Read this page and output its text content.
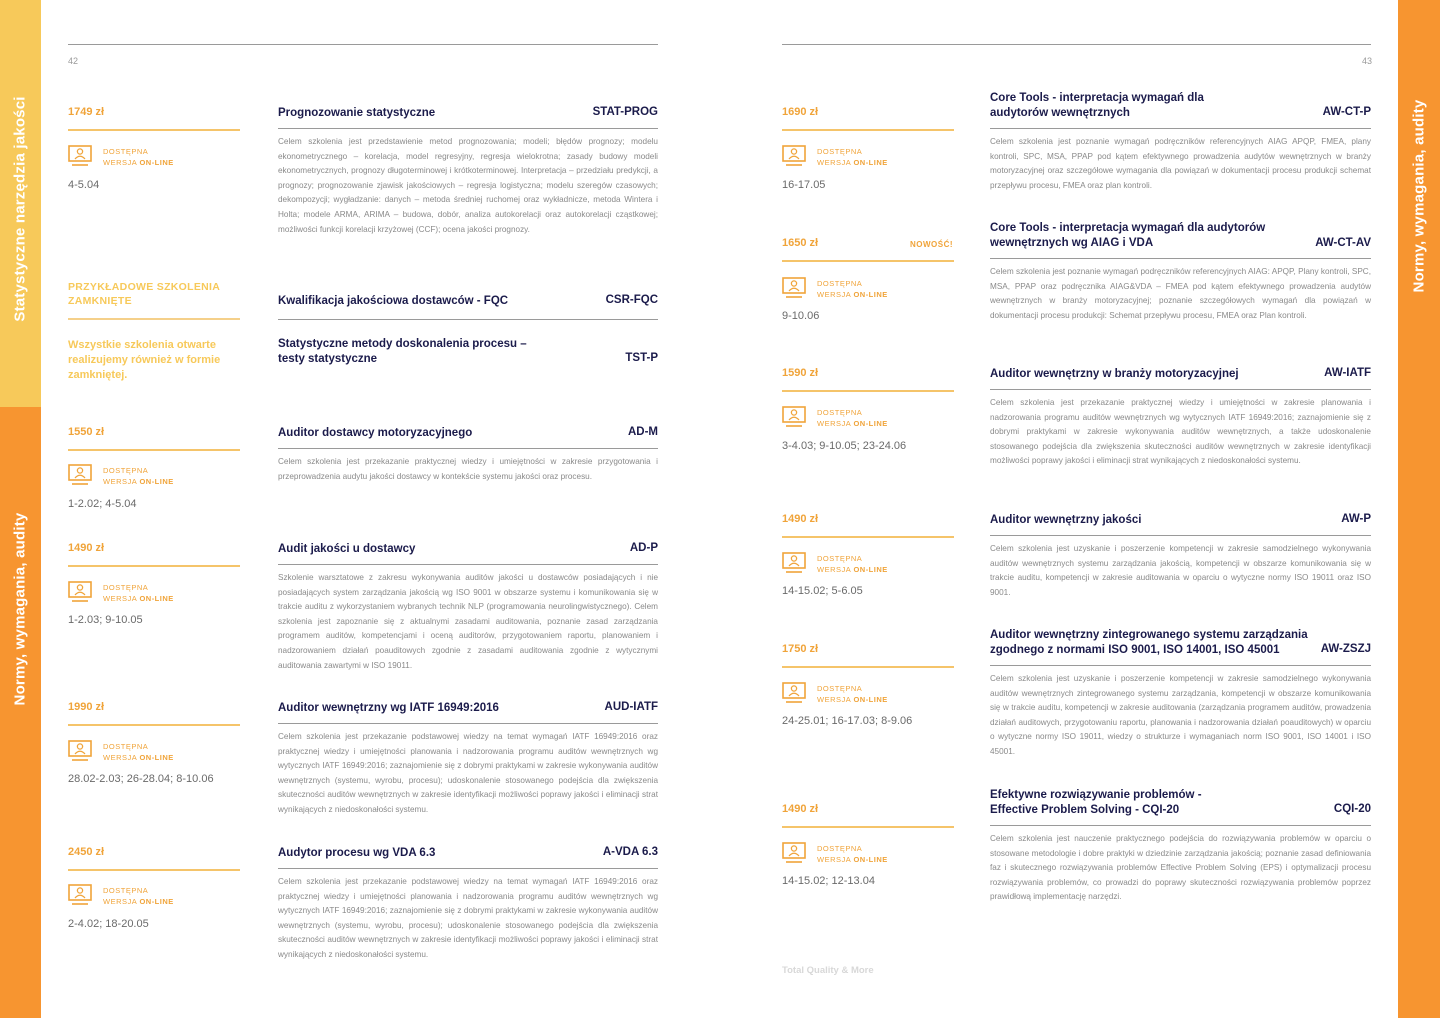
Statystyczne narzędzia jakości
Normy, wymagania, audity
Normy, wymagania, audity
42	43
1749 zł
DOSTĘPNA
WERSJA ON-LINE
4-5.04
Prognozowanie statystyczne	STAT-PROG
Celem szkolenia jest przedstawienie metod prognozowania; modeli; błędów prognozy; modelu ekonometrycznego – korelacja, model regresyjny, regresja wielokrotna; zasady budowy modeli ekonometrycznych, prognozy długoterminowej i krótkoterminowej. Interpretacja – przedziału predykcji, a prognozy; prognozowanie zjawisk jakościowych – regresja logistyczna; modelu szeregów czasowych; dekompozycji; wygładzanie: danych – metoda średniej ruchomej oraz wykładnicze, metoda Wintera i Holta; modele ARMA, ARIMA – budowa, dobór, analiza autokorelacji oraz autokorelacji cząstkowej; możliwości funkcji korelacji krzyżowej (CCF); ocena jakości prognozy.
PRZYKŁADOWE SZKOLENIA ZAMKNIĘTE
Wszystkie szkolenia otwarte realizujemy również w formie zamkniętej.
Kwalifikacja jakościowa dostawców - FQC	CSR-FQC
Statystyczne metody doskonalenia procesu – testy statystyczne	TST-P
1550 zł
DOSTĘPNA
WERSJA ON-LINE
1-2.02; 4-5.04
Auditor dostawcy motoryzacyjnego	AD-M
Celem szkolenia jest przekazanie praktycznej wiedzy i umiejętności w zakresie przygotowania i przeprowadzenia audytu jakości dostawcy w kontekście systemu jakości oraz procesu.
1490 zł
DOSTĘPNA
WERSJA ON-LINE
1-2.03; 9-10.05
Audit jakości u dostawcy	AD-P
Szkolenie warsztatowe z zakresu wykonywania auditów jakości u dostawców posiadających i nie posiadających system zarządzania jakością wg ISO 9001 w obszarze systemu i komunikowania się w trakcie auditu z wykorzystaniem wybranych technik NLP (programowania neurolingwistycznego). Celem szkolenia jest zapoznanie się z aktualnymi zasadami auditowania, poznanie zasad zarządzania programem auditów, kompetencjami i oceną auditorów, przygotowaniem raportu, planowaniem i nadzorowaniem działań poauditowych zgodnie z zasadami auditowania zgodnie z wytycznymi auditowania zawartymi w ISO 19011.
1990 zł
DOSTĘPNA
WERSJA ON-LINE
28.02-2.03; 26-28.04; 8-10.06
Auditor wewnętrzny wg IATF 16949:2016	AUD-IATF
Celem szkolenia jest przekazanie podstawowej wiedzy na temat wymagań IATF 16949:2016 oraz praktycznej wiedzy i umiejętności planowania i nadzorowania programu auditów wewnętrznych wg wytycznych IATF 16949:2016; zaznajomienie się z dobrymi praktykami w zakresie wykonywania auditów wewnętrznych (systemu, wyrobu, procesu); udoskonalenie stosowanego podejścia dla zwiększenia skuteczności auditów wewnętrznych w zakresie identyfikacji możliwości poprawy jakości i eliminacji strat wynikających z niedoskonałości systemu.
2450 zł
DOSTĘPNA
WERSJA ON-LINE
2-4.02; 18-20.05
Audytor procesu wg VDA 6.3	A-VDA 6.3
Celem szkolenia jest przekazanie podstawowej wiedzy na temat wymagań IATF 16949:2016 oraz praktycznej wiedzy i umiejętności planowania i nadzorowania programu auditów wewnętrznych wg wytycznych IATF 16949:2016; zaznajomienie się z dobrymi praktykami w zakresie wykonywania auditów wewnętrznych (systemu, wyrobu, procesu); udoskonalenie stosowanego podejścia dla zwiększenia skuteczności auditów wewnętrznych w zakresie identyfikacji możliwości poprawy jakości i eliminacji strat wynikających z niedoskonałości systemu.
1690 zł
DOSTĘPNA
WERSJA ON-LINE
16-17.05
Core Tools - interpretacja wymagań dla audytorów wewnętrznych	AW-CT-P
Celem szkolenia jest poznanie wymagań podręczników referencyjnych AIAG APQP, FMEA, plany kontroli, SPC, MSA, PPAP pod kątem efektywnego prowadzenia audytów wewnętrznych w branży motoryzacyjnej oraz szczegółowe wymagania dla powiązań w dokumentacji procesu produkcji schemat przepływu procesu, FMEA oraz plan kontroli.
1650 zł	NOWOŚĆ!
DOSTĘPNA
WERSJA ON-LINE
9-10.06
Core Tools - interpretacja wymagań dla audytorów wewnętrznych wg AIAG i VDA	AW-CT-AV
Celem szkolenia jest poznanie wymagań podręczników referencyjnych AIAG: APQP, Plany kontroli, SPC, MSA, PPAP oraz podręcznika AIAG&VDA – FMEA pod kątem efektywnego prowadzenia audytów wewnętrznych w branży motoryzacyjnej; poznanie szczegółowych wymagań dla powiązań w dokumentacji procesu produkcji: Schemat przepływu procesu, FMEA oraz Plan kontroli.
1590 zł
DOSTĘPNA
WERSJA ON-LINE
3-4.03; 9-10.05; 23-24.06
Auditor wewnętrzny w branży motoryzacyjnej	AW-IATF
Celem szkolenia jest przekazanie praktycznej wiedzy i umiejętności w zakresie planowania i nadzorowania programu auditów wewnętrznych wg wytycznych IATF 16949:2016; zaznajomienie się z dobrymi praktykami w zakresie wykonywania auditów wewnętrznych, a także udoskonalenie stosowanego podejścia dla zwiększenia skuteczności auditów wewnętrznych w zakresie identyfikacji możliwości poprawy jakości i eliminacji strat wynikających z niedoskonałości systemu.
1490 zł
DOSTĘPNA
WERSJA ON-LINE
14-15.02; 5-6.05
Auditor wewnętrzny jakości	AW-P
Celem szkolenia jest uzyskanie i poszerzenie kompetencji w zakresie samodzielnego wykonywania auditów wewnętrznych systemu zarządzania jakością, kompetencji w obszarze komunikowania się w trakcie auditu, kompetencji w zakresie auditowania w oparciu o wytyczne normy ISO 19011 oraz ISO 9001.
1750 zł
DOSTĘPNA
WERSJA ON-LINE
24-25.01; 16-17.03; 8-9.06
Auditor wewnętrzny zintegrowanego systemu zarządzania zgodnego z normami ISO 9001, ISO 14001, ISO 45001	AW-ZSZJ
Celem szkolenia jest uzyskanie i poszerzenie kompetencji w zakresie samodzielnego wykonywania auditów wewnętrznych zintegrowanego systemu zarządzania, kompetencji w obszarze komunikowania się w trakcie auditu, kompetencji w zakresie auditowania (zarządzania programem auditów, prowadzenia działań auditowych, przygotowaniu raportu, planowania i nadzorowania działań poauditowych) w oparciu o wytyczne normy ISO 19011, wiedzy o strukturze i wymaganiach norm ISO 9001, ISO 14001 i ISO 45001.
1490 zł
DOSTĘPNA
WERSJA ON-LINE
14-15.02; 12-13.04
Efektywne rozwiązywanie problemów - Effective Problem Solving - CQI-20	CQI-20
Celem szkolenia jest nauczenie praktycznego podejścia do rozwiązywania problemów w oparciu o stosowane metodologie i dobre praktyki w dziedzinie zarządzania jakością; poznanie zasad definiowania faz i skutecznego rozwiązywania problemów Effective Problem Solving (EPS) i optymalizacji procesu rozwiązywania problemów, co prowadzi do poprawy skuteczności rozwiązywania problemów poprzez prawidłową implementację narzędzi.
Total Quality & More
